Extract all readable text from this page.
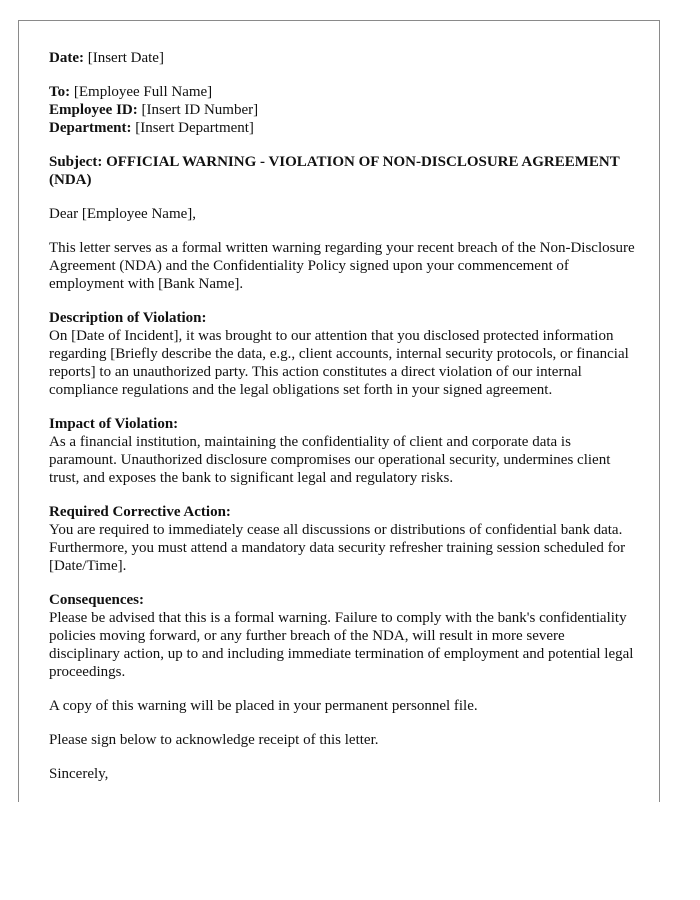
Date: [Insert Date]
To: [Employee Full Name]
Employee ID: [Insert ID Number]
Department: [Insert Department]
Subject: OFFICIAL WARNING - VIOLATION OF NON-DISCLOSURE AGREEMENT (NDA)
Dear [Employee Name],
This letter serves as a formal written warning regarding your recent breach of the Non-Disclosure Agreement (NDA) and the Confidentiality Policy signed upon your commencement of employment with [Bank Name].
Description of Violation:
On [Date of Incident], it was brought to our attention that you disclosed protected information regarding [Briefly describe the data, e.g., client accounts, internal security protocols, or financial reports] to an unauthorized party. This action constitutes a direct violation of our internal compliance regulations and the legal obligations set forth in your signed agreement.
Impact of Violation:
As a financial institution, maintaining the confidentiality of client and corporate data is paramount. Unauthorized disclosure compromises our operational security, undermines client trust, and exposes the bank to significant legal and regulatory risks.
Required Corrective Action:
You are required to immediately cease all discussions or distributions of confidential bank data. Furthermore, you must attend a mandatory data security refresher training session scheduled for [Date/Time].
Consequences:
Please be advised that this is a formal warning. Failure to comply with the bank's confidentiality policies moving forward, or any further breach of the NDA, will result in more severe disciplinary action, up to and including immediate termination of employment and potential legal proceedings.
A copy of this warning will be placed in your permanent personnel file.
Please sign below to acknowledge receipt of this letter.
Sincerely,
